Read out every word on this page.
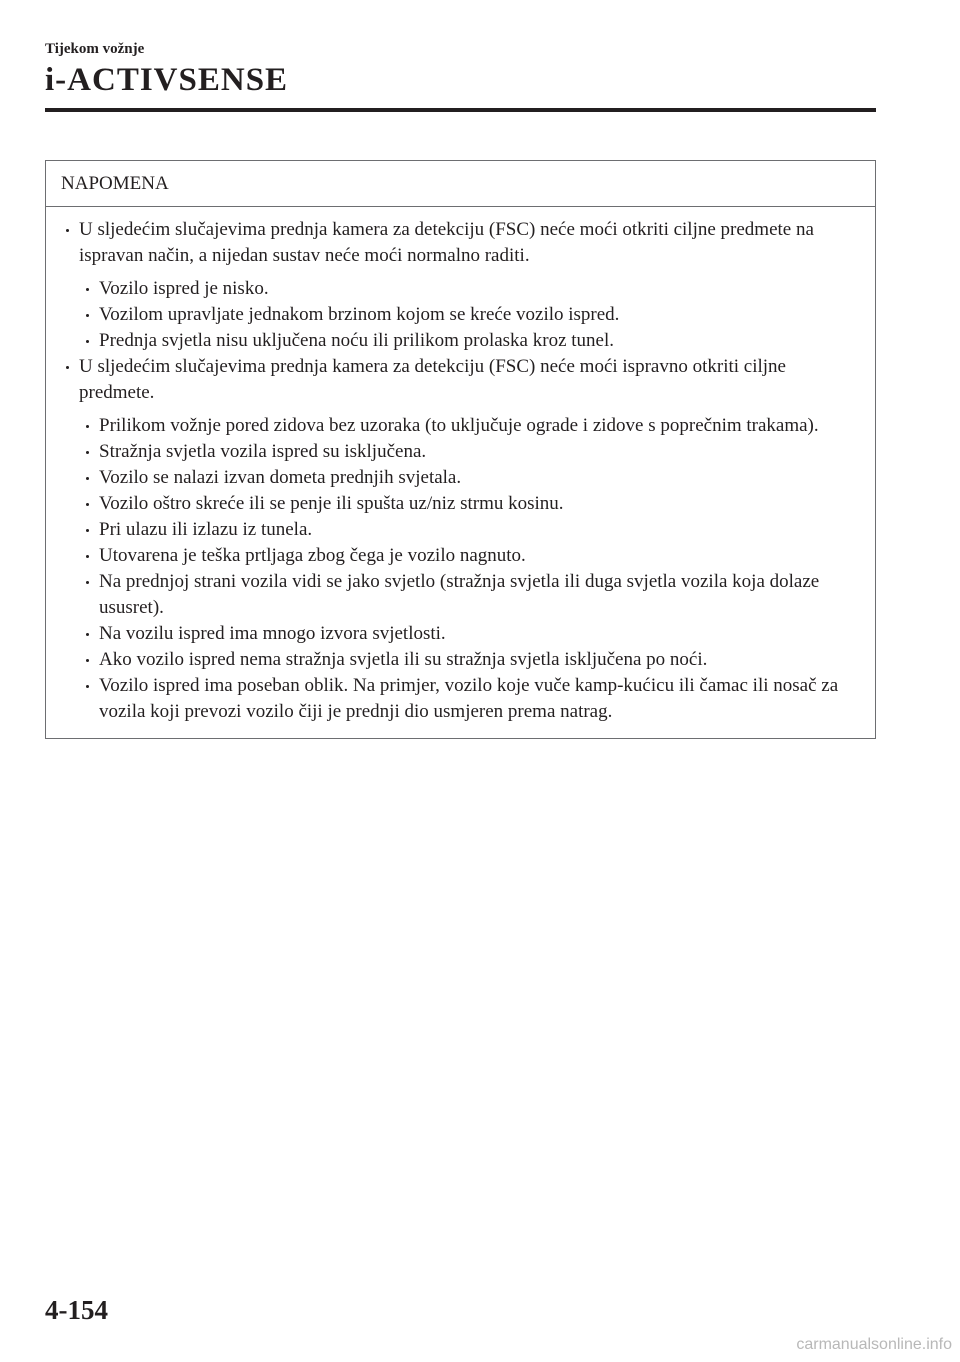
Tijekom vožnje
i-ACTIVSENSE
NAPOMENA
U sljedećim slučajevima prednja kamera za detekciju (FSC) neće moći otkriti ciljne predmete na ispravan način, a nijedan sustav neće moći normalno raditi.
Vozilo ispred je nisko.
Vozilom upravljate jednakom brzinom kojom se kreće vozilo ispred.
Prednja svjetla nisu uključena noću ili prilikom prolaska kroz tunel.
U sljedećim slučajevima prednja kamera za detekciju (FSC) neće moći ispravno otkriti ciljne predmete.
Prilikom vožnje pored zidova bez uzoraka (to uključuje ograde i zidove s poprečnim trakama).
Stražnja svjetla vozila ispred su isključena.
Vozilo se nalazi izvan dometa prednjih svjetala.
Vozilo oštro skreće ili se penje ili spušta uz/niz strmu kosinu.
Pri ulazu ili izlazu iz tunela.
Utovarena je teška prtljaga zbog čega je vozilo nagnuto.
Na prednjoj strani vozila vidi se jako svjetlo (stražnja svjetla ili duga svjetla vozila koja dolaze ususret).
Na vozilu ispred ima mnogo izvora svjetlosti.
Ako vozilo ispred nema stražnja svjetla ili su stražnja svjetla isključena po noći.
Vozilo ispred ima poseban oblik. Na primjer, vozilo koje vuče kamp-kućicu ili čamac ili nosač za vozila koji prevozi vozilo čiji je prednji dio usmjeren prema natrag.
4-154
carmanualsonline.info
